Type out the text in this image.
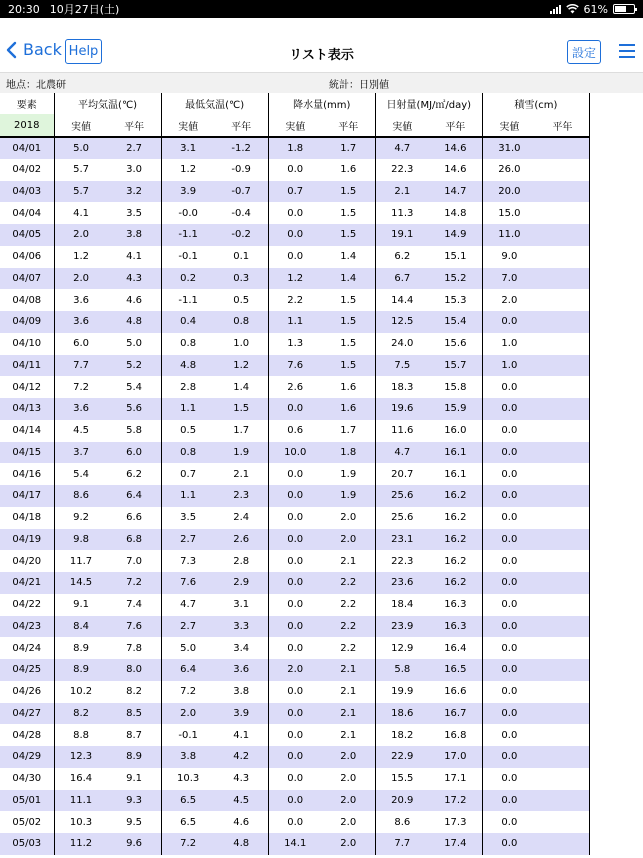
20:30 10月27日(土)	61%
Back Help	リスト表示	設定
地点：北農研	統計：日別値
要素	平均気温(℃)		最低気温(℃)		降水量(mm)		日射量(MJ/㎡/day)		積雪(cm)	
2018	実値	平年	実値	平年	実値	平年	実値	平年	実値	平年
04/01	5.0	2.7	3.1	-1.2	1.8	1.7	4.7	14.6	31.0	
04/02	5.7	3.0	1.2	-0.9	0.0	1.6	22.3	14.6	26.0	
04/03	5.7	3.2	3.9	-0.7	0.7	1.5	2.1	14.7	20.0	
04/04	4.1	3.5	-0.0	-0.4	0.0	1.5	11.3	14.8	15.0	
04/05	2.0	3.8	-1.1	-0.2	0.0	1.5	19.1	14.9	11.0	
04/06	1.2	4.1	-0.1	0.1	0.0	1.4	6.2	15.1	9.0	
04/07	2.0	4.3	0.2	0.3	1.2	1.4	6.7	15.2	7.0	
04/08	3.6	4.6	-1.1	0.5	2.2	1.5	14.4	15.3	2.0	
04/09	3.6	4.8	0.4	0.8	1.1	1.5	12.5	15.4	0.0	
04/10	6.0	5.0	0.8	1.0	1.3	1.5	24.0	15.6	1.0	
04/11	7.7	5.2	4.8	1.2	7.6	1.5	7.5	15.7	1.0	
04/12	7.2	5.4	2.8	1.4	2.6	1.6	18.3	15.8	0.0	
04/13	3.6	5.6	1.1	1.5	0.0	1.6	19.6	15.9	0.0	
04/14	4.5	5.8	0.5	1.7	0.6	1.7	11.6	16.0	0.0	
04/15	3.7	6.0	0.8	1.9	10.0	1.8	4.7	16.1	0.0	
04/16	5.4	6.2	0.7	2.1	0.0	1.9	20.7	16.1	0.0	
04/17	8.6	6.4	1.1	2.3	0.0	1.9	25.6	16.2	0.0	
04/18	9.2	6.6	3.5	2.4	0.0	2.0	25.6	16.2	0.0	
04/19	9.8	6.8	2.7	2.6	0.0	2.0	23.1	16.2	0.0	
04/20	11.7	7.0	7.3	2.8	0.0	2.1	22.3	16.2	0.0	
04/21	14.5	7.2	7.6	2.9	0.0	2.2	23.6	16.2	0.0	
04/22	9.1	7.4	4.7	3.1	0.0	2.2	18.4	16.3	0.0	
04/23	8.4	7.6	2.7	3.3	0.0	2.2	23.9	16.3	0.0	
04/24	8.9	7.8	5.0	3.4	0.0	2.2	12.9	16.4	0.0	
04/25	8.9	8.0	6.4	3.6	2.0	2.1	5.8	16.5	0.0	
04/26	10.2	8.2	7.2	3.8	0.0	2.1	19.9	16.6	0.0	
04/27	8.2	8.5	2.0	3.9	0.0	2.1	18.6	16.7	0.0	
04/28	8.8	8.7	-0.1	4.1	0.0	2.1	18.2	16.8	0.0	
04/29	12.3	8.9	3.8	4.2	0.0	2.0	22.9	17.0	0.0	
04/30	16.4	9.1	10.3	4.3	0.0	2.0	15.5	17.1	0.0	
05/01	11.1	9.3	6.5	4.5	0.0	2.0	20.9	17.2	0.0	
05/02	10.3	9.5	6.5	4.6	0.0	2.0	8.6	17.3	0.0	
05/03	11.2	9.6	7.2	4.8	14.1	2.0	7.7	17.4	0.0	
